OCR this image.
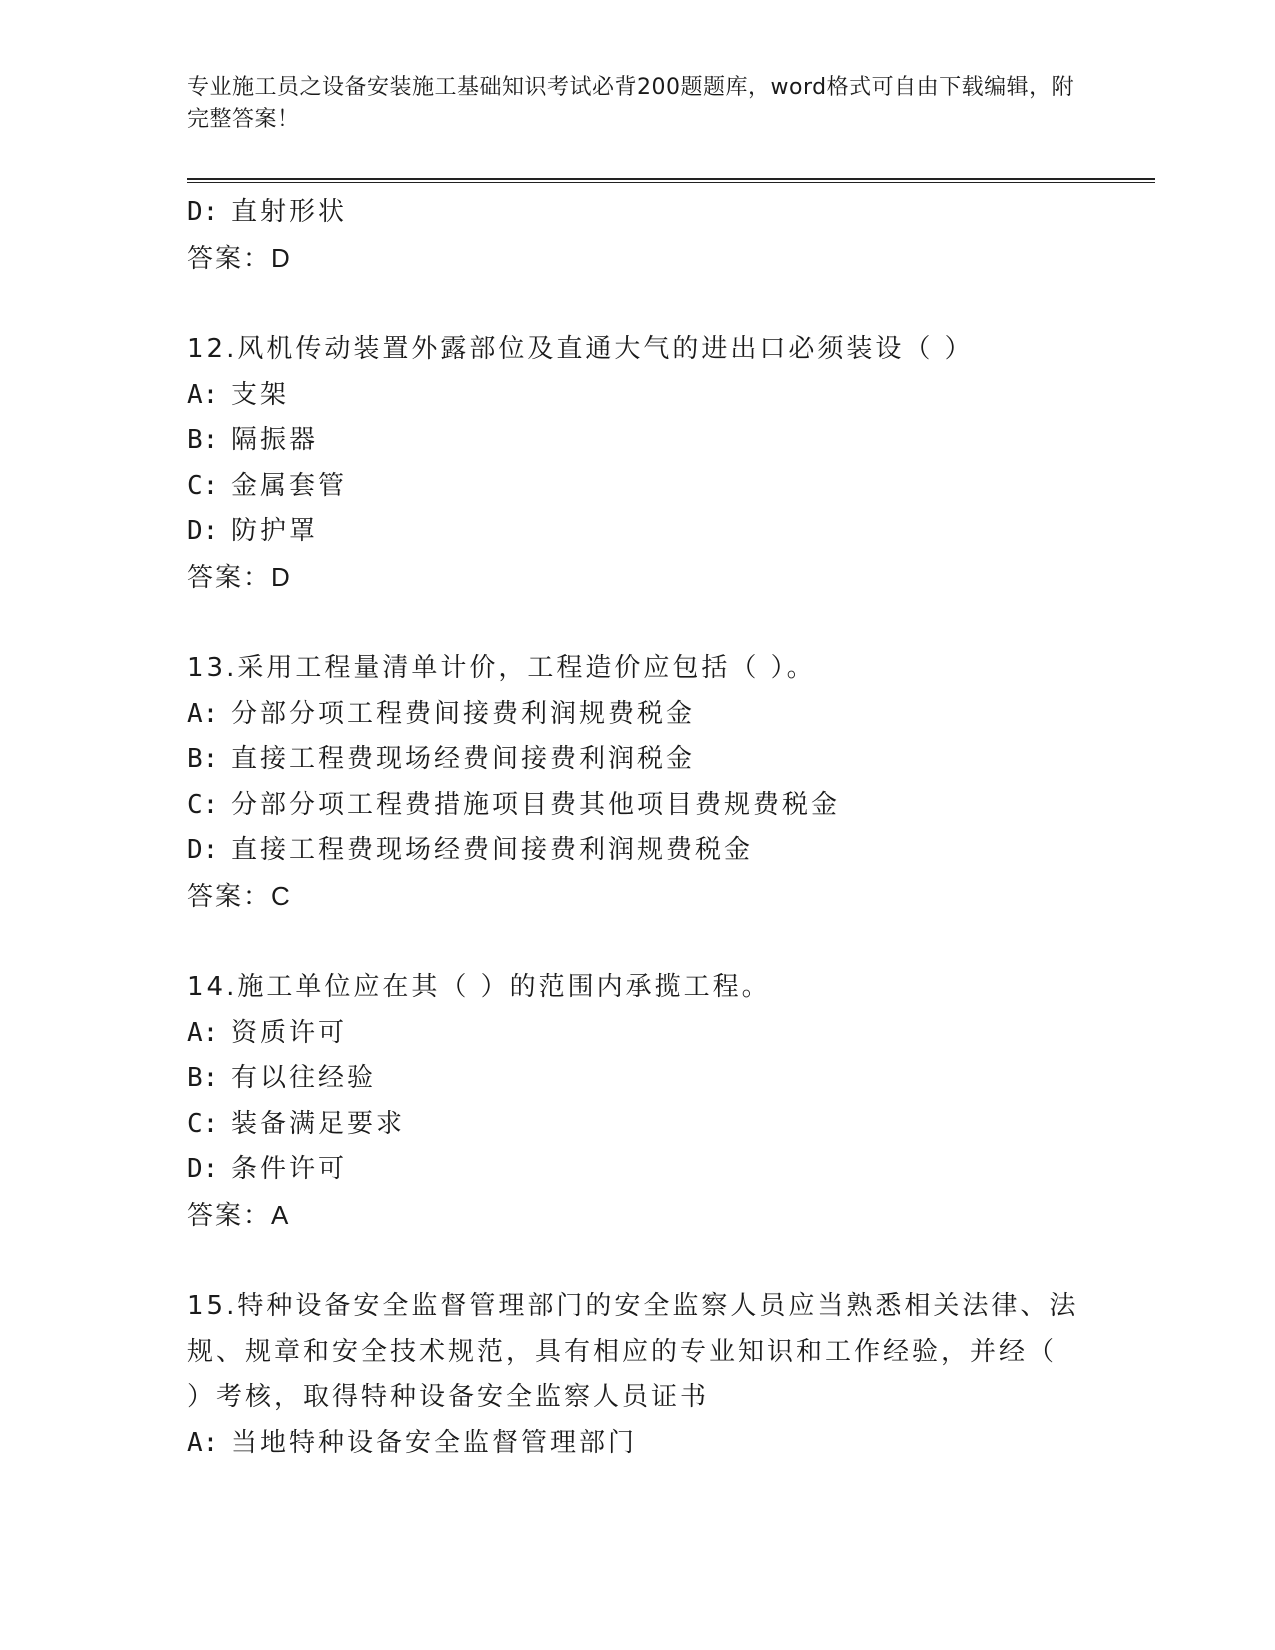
专业施工员之设备安装施工基础知识考试必背200题题库，word格式可自由下载编辑，附完整答案！
D: 直射形状
答案：D
12.风机传动装置外露部位及直通大气的进出口必须装设（ ）
A: 支架
B: 隔振器
C: 金属套管
D: 防护罩
答案：D
13.采用工程量清单计价，工程造价应包括（ ）。
A: 分部分项工程费间接费利润规费税金
B: 直接工程费现场经费间接费利润税金
C: 分部分项工程费措施项目费其他项目费规费税金
D: 直接工程费现场经费间接费利润规费税金
答案：C
14.施工单位应在其（ ）的范围内承揽工程。
A: 资质许可
B: 有以往经验
C: 装备满足要求
D: 条件许可
答案：A
15.特种设备安全监督管理部门的安全监察人员应当熟悉相关法律、法规、规章和安全技术规范，具有相应的专业知识和工作经验，并经（ ）考核，取得特种设备安全监察人员证书
A: 当地特种设备安全监督管理部门
